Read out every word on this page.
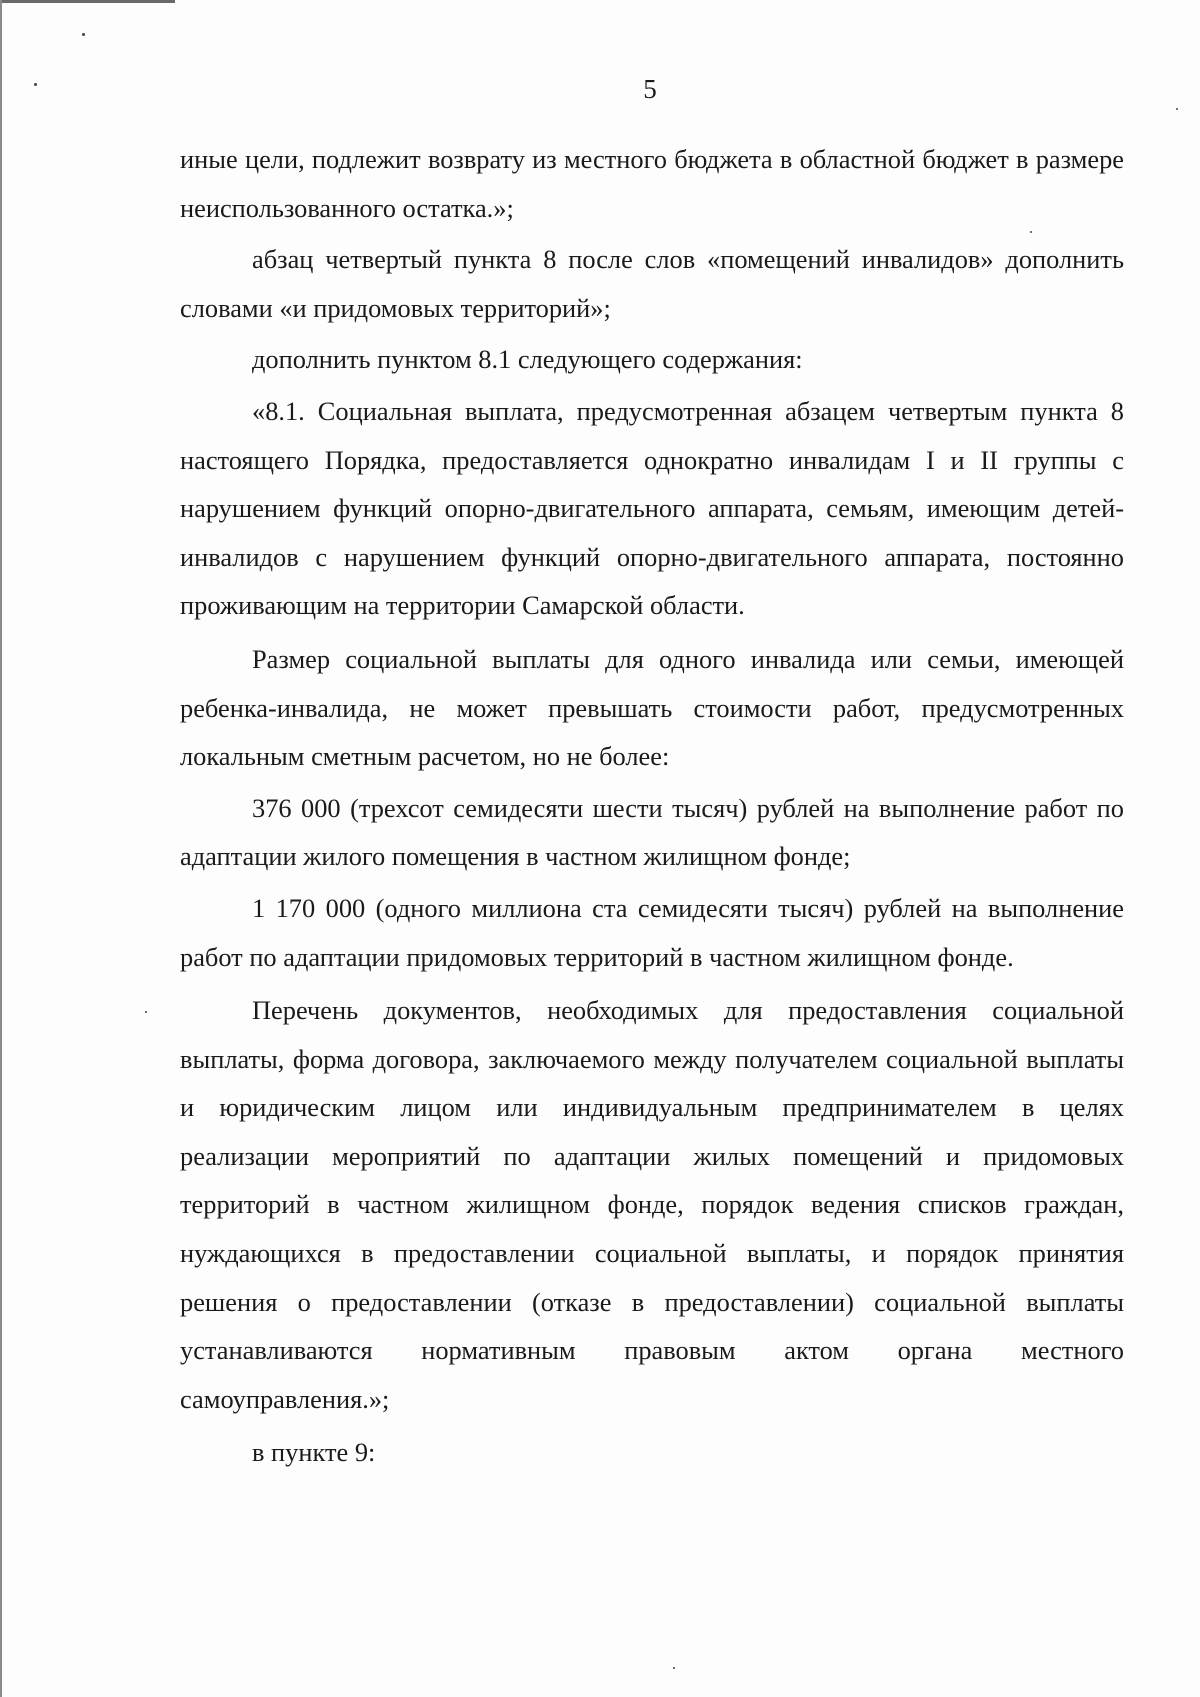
5

иные цели, подлежит возврату из местного бюджета в областной бюджет в размере неиспользованного остатка.»;

абзац четвертый пункта 8 после слов «помещений инвалидов» дополнить словами «и придомовых территорий»;

дополнить пунктом 8.1 следующего содержания:

«8.1. Социальная выплата, предусмотренная абзацем четвертым пункта 8 настоящего Порядка, предоставляется однократно инвалидам I и II группы с нарушением функций опорно-двигательного аппарата, семьям, имеющим детей-инвалидов с нарушением функций опорно-двигательного аппарата, постоянно проживающим на территории Самарской области.

Размер социальной выплаты для одного инвалида или семьи, имеющей ребенка-инвалида, не может превышать стоимости работ, предусмотренных локальным сметным расчетом, но не более:

376 000 (трехсот семидесяти шести тысяч) рублей на выполнение работ по адаптации жилого помещения в частном жилищном фонде;

1 170 000 (одного миллиона ста семидесяти тысяч) рублей на выполнение работ по адаптации придомовых территорий в частном жилищном фонде.

Перечень документов, необходимых для предоставления социальной выплаты, форма договора, заключаемого между получателем социальной выплаты и юридическим лицом или индивидуальным предпринимателем в целях реализации мероприятий по адаптации жилых помещений и придомовых территорий в частном жилищном фонде, порядок ведения списков граждан, нуждающихся в предоставлении социальной выплаты, и порядок принятия решения о предоставлении (отказе в предоставлении) социальной выплаты устанавливаются нормативным правовым актом органа местного самоуправления.»;

в пункте 9:
